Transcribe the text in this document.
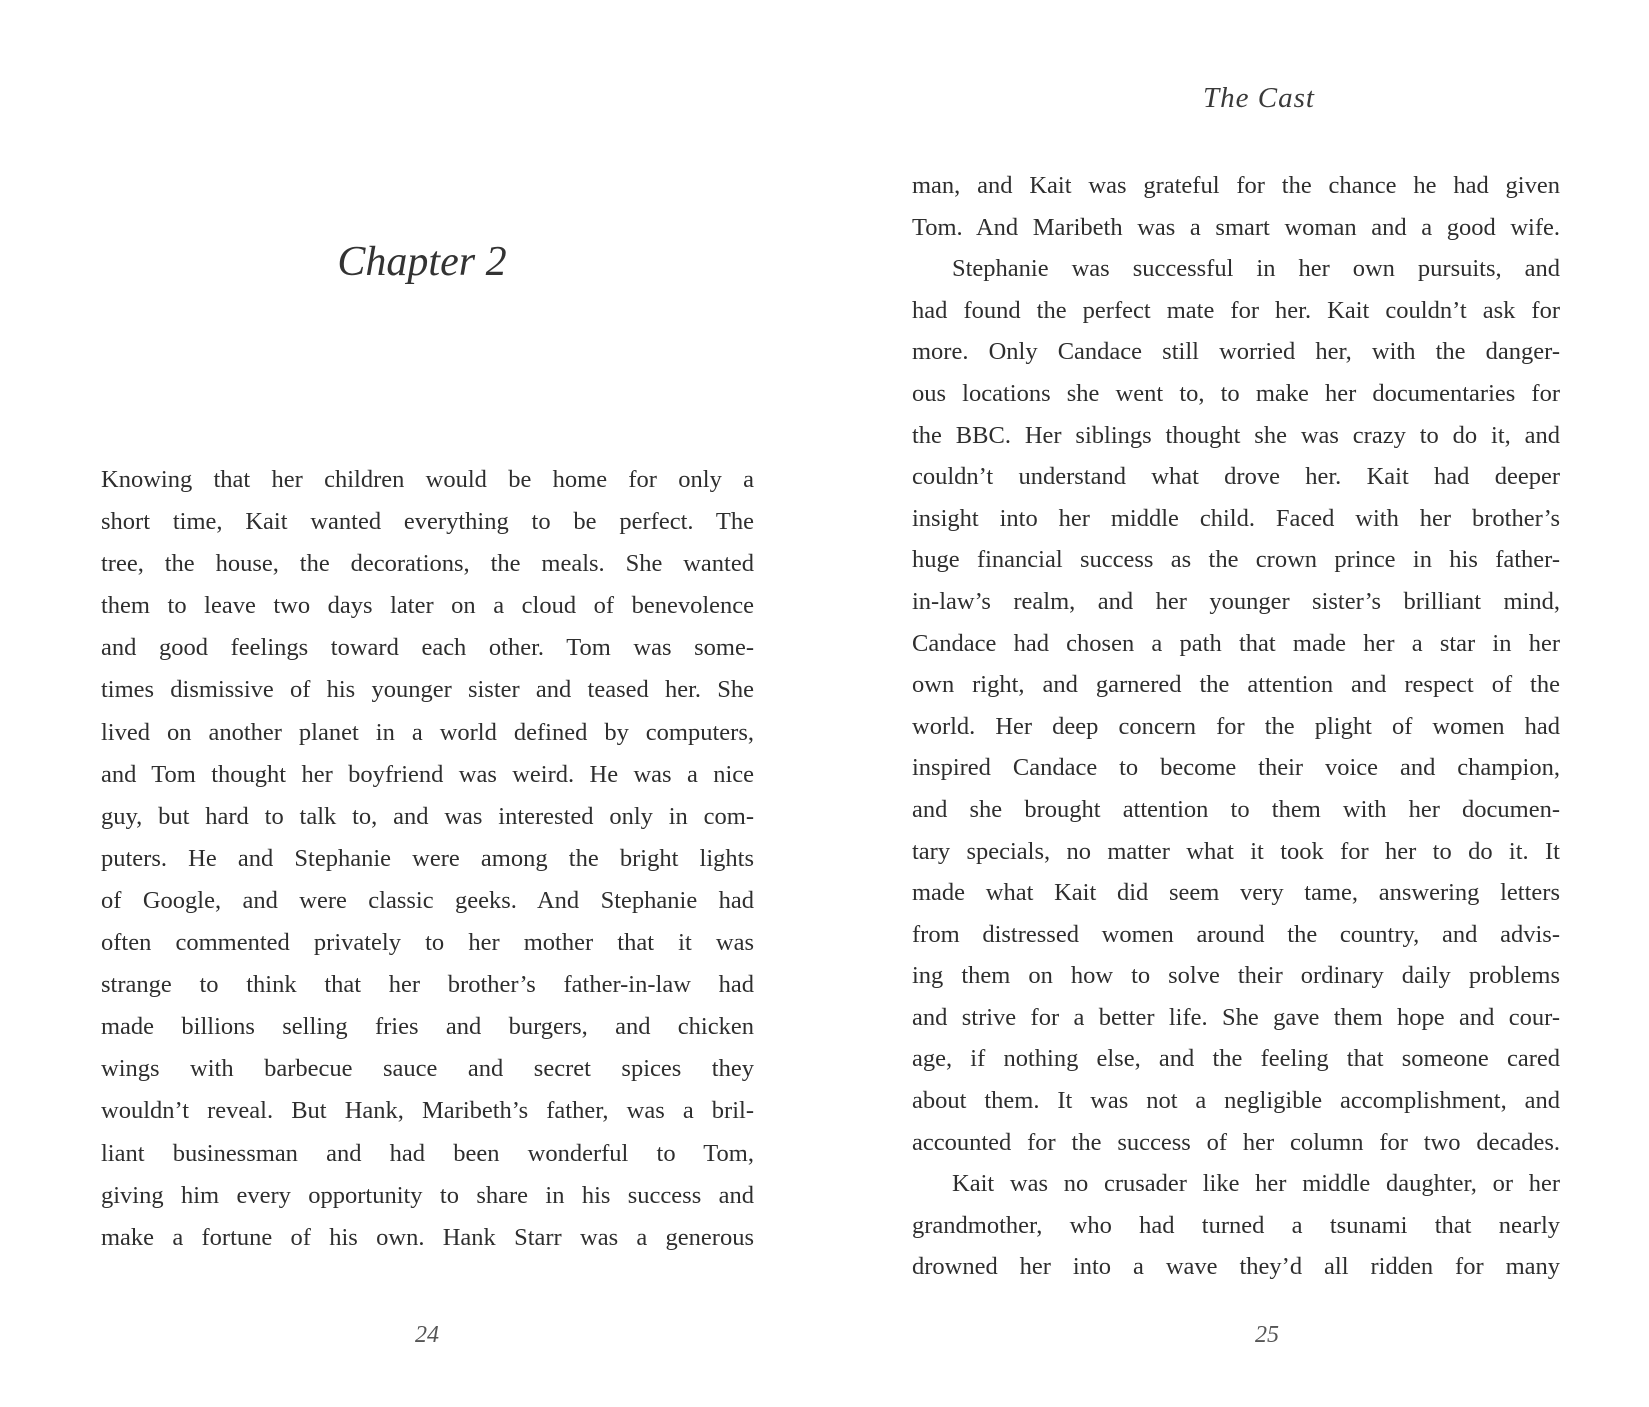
Chapter 2
Knowing that her children would be home for only a
short time, Kait wanted everything to be perfect. The
tree, the house, the decorations, the meals. She wanted
them to leave two days later on a cloud of benevolence
and good feelings toward each other. Tom was some-
times dismissive of his younger sister and teased her. She
lived on another planet in a world defined by computers,
and Tom thought her boyfriend was weird. He was a nice
guy, but hard to talk to, and was interested only in com-
puters. He and Stephanie were among the bright lights
of Google, and were classic geeks. And Stephanie had
often commented privately to her mother that it was
strange to think that her brother’s father-in-law had
made billions selling fries and burgers, and chicken
wings with barbecue sauce and secret spices they
wouldn’t reveal. But Hank, Maribeth’s father, was a bril-
liant businessman and had been wonderful to Tom,
giving him every opportunity to share in his success and
make a fortune of his own. Hank Starr was a generous
24
The Cast
man, and Kait was grateful for the chance he had given
Tom. And Maribeth was a smart woman and a good wife.
Stephanie was successful in her own pursuits, and
had found the perfect mate for her. Kait couldn’t ask for
more. Only Candace still worried her, with the danger-
ous locations she went to, to make her documentaries for
the BBC. Her siblings thought she was crazy to do it, and
couldn’t understand what drove her. Kait had deeper
insight into her middle child. Faced with her brother’s
huge financial success as the crown prince in his father-
in-law’s realm, and her younger sister’s brilliant mind,
Candace had chosen a path that made her a star in her
own right, and garnered the attention and respect of the
world. Her deep concern for the plight of women had
inspired Candace to become their voice and champion,
and she brought attention to them with her documen-
tary specials, no matter what it took for her to do it. It
made what Kait did seem very tame, answering letters
from distressed women around the country, and advis-
ing them on how to solve their ordinary daily problems
and strive for a better life. She gave them hope and cour-
age, if nothing else, and the feeling that someone cared
about them. It was not a negligible accomplishment, and
accounted for the success of her column for two decades.
Kait was no crusader like her middle daughter, or her
grandmother, who had turned a tsunami that nearly
drowned her into a wave they’d all ridden for many
25
